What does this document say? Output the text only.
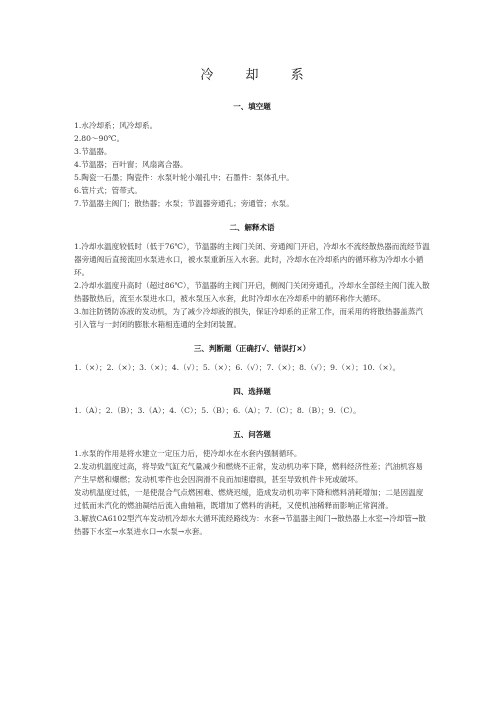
冷 却 系
一、填空题
1.水冷却系；风冷却系。
2.80～90℃。
3.节温器。
4.节温器；百叶窗；风扇离合器。
5.陶瓷一石墨；陶瓷件：水泵叶轮小端孔中；石墨件：泵体孔中。
6.管片式；管带式。
7.节温器主阀门；散热器；水泵；节温器旁通孔；旁通管；水泵。
二、解释术语
1.冷却水温度较低时（低于76℃），节温器的主阀门关闭、旁通阀门开启，冷却水不流经散热器而流经节温器旁通阀后直接流回水泵进水口，被水泵重新压入水套。此时，冷却水在冷却系内的循环称为冷却水小循环。
2.冷却水温度升高时（超过86℃），节温器的主阀门开启，侧阀门关闭旁通孔，冷却水全部经主阀门流入散热器散热后，流至水泵进水口，被水泵压入水套，此时冷却水在冷却系中的循环称作大循环。
3.加注防锈防冻液的发动机，为了减少冷却液的损失，保证冷却系的正常工作，而采用的将散热器盖蒸汽引入管与一封闭的膨胀水箱相连通的全封闭装置。
三、判断题（正确打√、错误打×）
1.（×）；2.（×）；3.（×）；4.（√）；5.（×）；6.（√）；7.（×）；8.（√）；9.（×）；10.（×）。
四、选择题
1.（A）；2.（B）；3.（A）；4.（C）；5.（B）；6.（A）；7.（C）；8.（B）；9.（C）。
五、问答题
1.水泵的作用是将水建立一定压力后，使冷却水在水套内强制循环。
2.发动机温度过高，将导致气缸充气量减少和燃烧不正常，发动机功率下降，燃料经济性差；汽油机容易产生早燃和爆燃；发动机零件也会因润滑不良而加速磨损，甚至导致机件卡死或破坏。
发动机温度过低，一是使混合气点燃困难、燃烧迟缓，造成发动机功率下降和燃料消耗增加；二是因温度过低而未汽化的燃油凝结后流入曲轴箱，既增加了燃料的消耗，又使机油稀释而影响正常润滑。
3.解放CA6102型汽车发动机冷却水大循环流经路线为：水套→节温器主阀门→散热器上水室→冷却管→散热器下水室→水泵进水口→水泵→水套。
